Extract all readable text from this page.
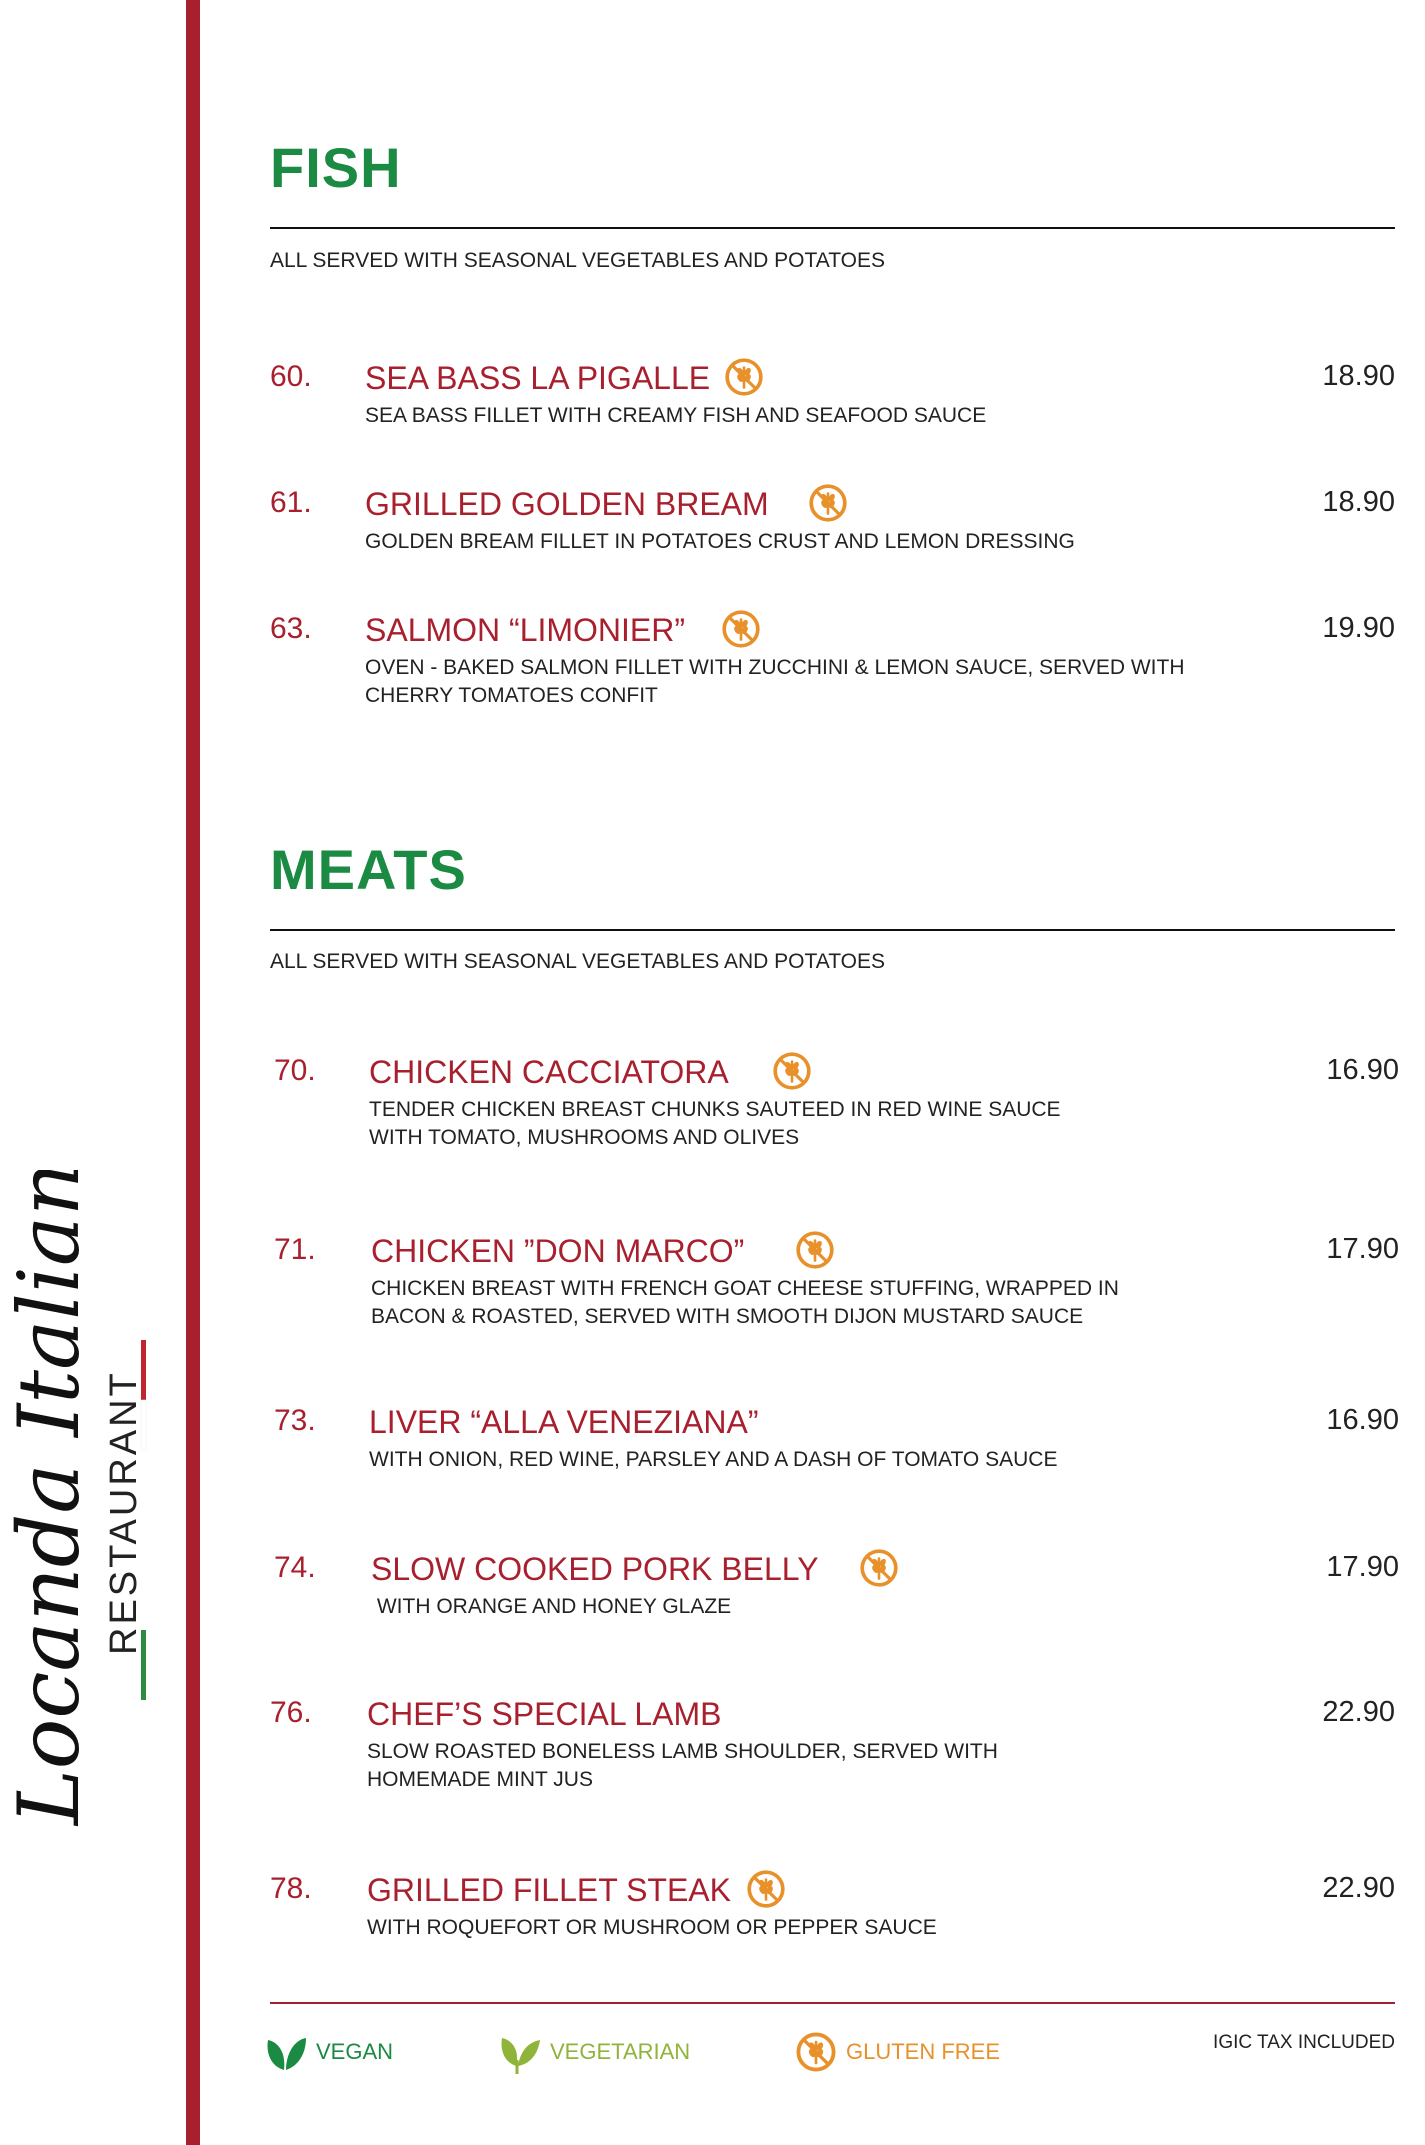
Locanda Italiana RESTAURANT
FISH
ALL SERVED WITH SEASONAL VEGETABLES AND POTATOES
60. SEA BASS LA PIGALLE
SEA BASS FILLET WITH CREAMY FISH AND SEAFOOD SAUCE
18.90
61. GRILLED GOLDEN BREAM
GOLDEN BREAM FILLET IN POTATOES CRUST AND LEMON DRESSING
18.90
63. SALMON “LIMONIER”
OVEN - BAKED SALMON FILLET WITH ZUCCHINI & LEMON SAUCE, SERVED WITH
CHERRY TOMATOES CONFIT
19.90
MEATS
ALL SERVED WITH SEASONAL VEGETABLES AND POTATOES
70. CHICKEN CACCIATORA
TENDER CHICKEN BREAST CHUNKS SAUTEED IN RED WINE SAUCE
WITH TOMATO, MUSHROOMS AND OLIVES
16.90
71. CHICKEN ”DON MARCO”
CHICKEN BREAST WITH FRENCH GOAT CHEESE STUFFING, WRAPPED IN
BACON & ROASTED, SERVED WITH SMOOTH DIJON MUSTARD SAUCE
17.90
73. LIVER “ALLA VENEZIANA”
WITH ONION, RED WINE, PARSLEY AND A DASH OF TOMATO SAUCE
16.90
74. SLOW COOKED PORK BELLY
WITH ORANGE AND HONEY GLAZE
17.90
76. CHEF’S SPECIAL LAMB
SLOW ROASTED BONELESS LAMB SHOULDER, SERVED WITH
HOMEMADE MINT JUS
22.90
78. GRILLED FILLET STEAK
WITH ROQUEFORT OR MUSHROOM OR PEPPER SAUCE
22.90
VEGAN	VEGETARIAN	GLUTEN FREE	IGIC TAX INCLUDED
